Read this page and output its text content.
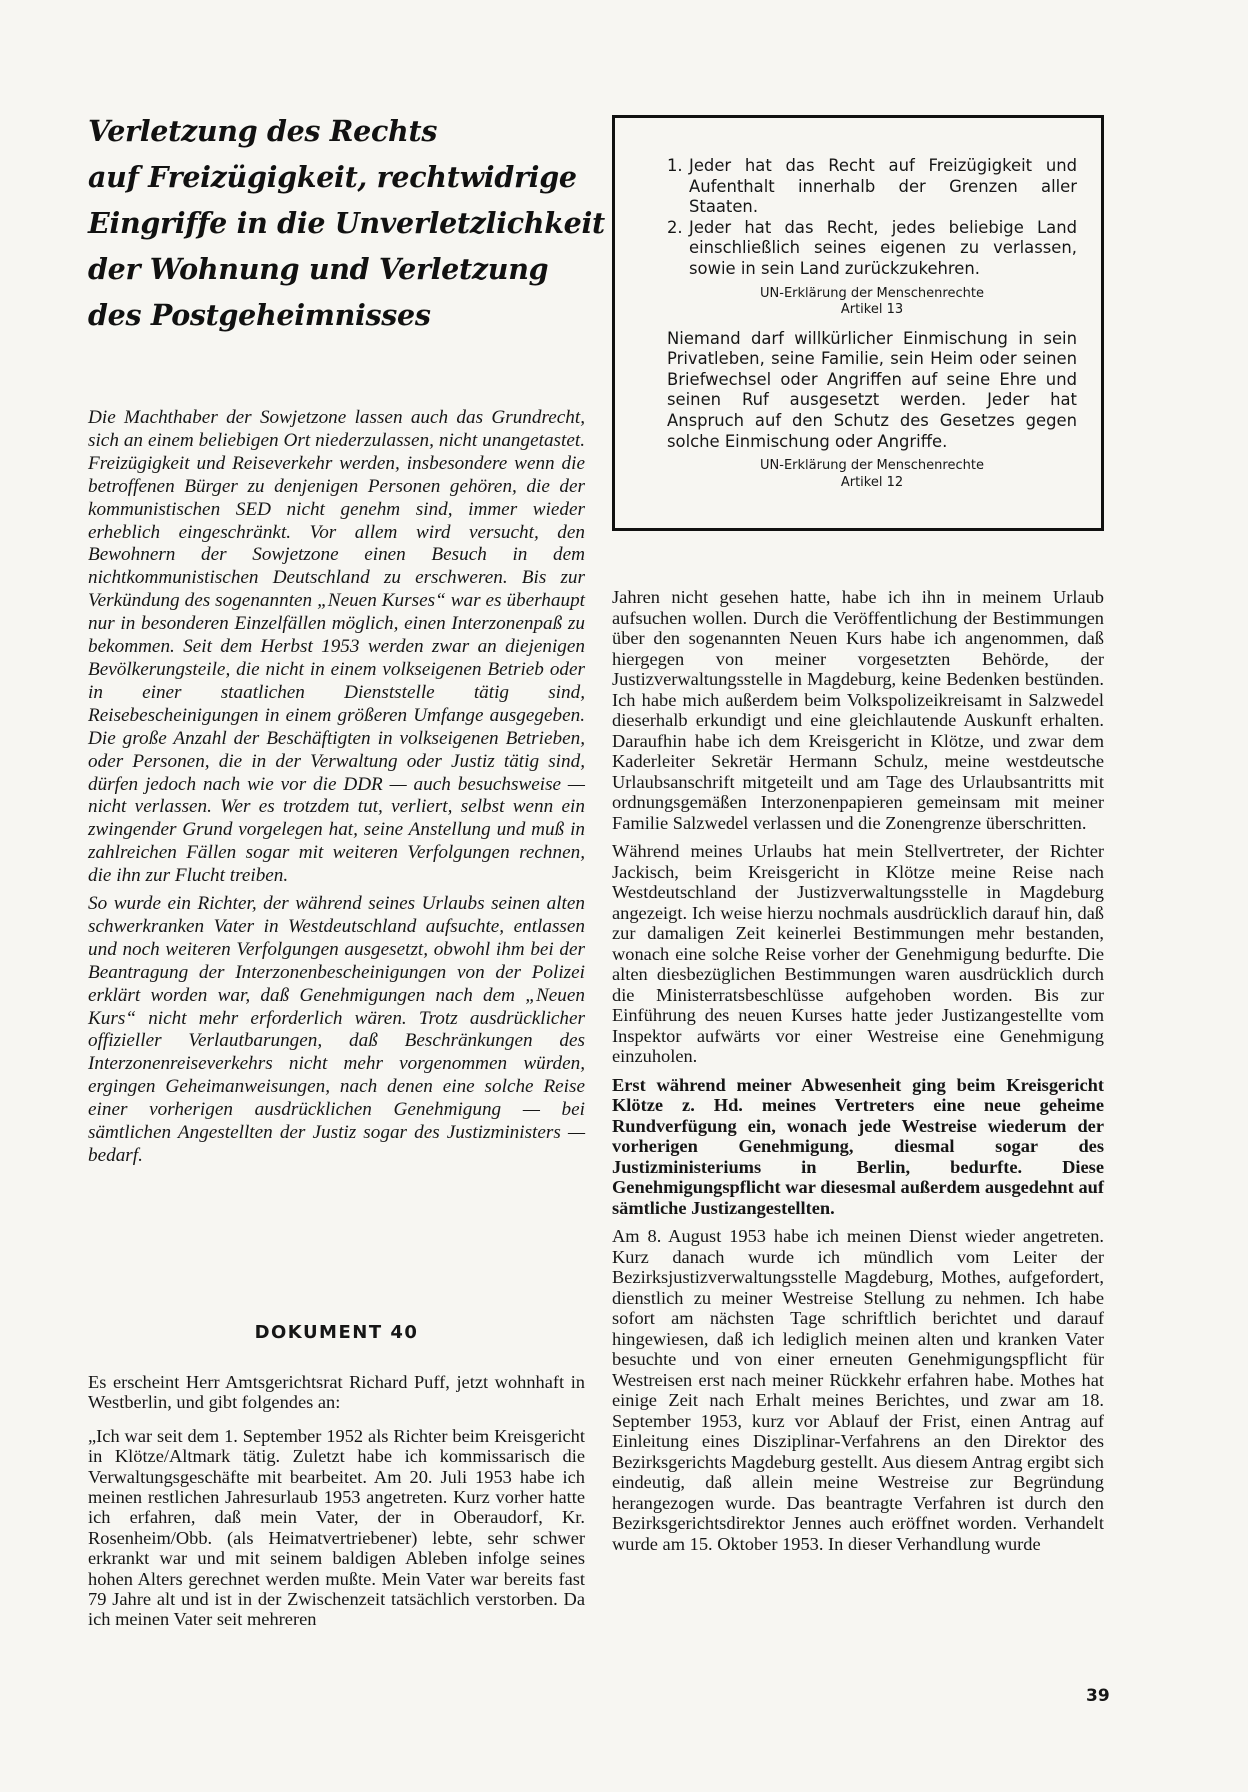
Verletzung des Rechts
auf Freizügigkeit, rechtwidrige
Eingriffe in die Unverletzlichkeit
der Wohnung und Verletzung
des Postgeheimnisses
1. Jeder hat das Recht auf Freizügigkeit und Aufenthalt innerhalb der Grenzen aller Staaten.
2. Jeder hat das Recht, jedes beliebige Land einschließlich seines eigenen zu verlassen, sowie in sein Land zurückzukehren.
UN-Erklärung der Menschenrechte
Artikel 13

Niemand darf willkürlicher Einmischung in sein Privatleben, seine Familie, sein Heim oder seinen Briefwechsel oder Angriffen auf seine Ehre und seinen Ruf ausgesetzt werden. Jeder hat Anspruch auf den Schutz des Gesetzes gegen solche Einmischung oder Angriffe.

UN-Erklärung der Menschenrechte
Artikel 12

Die Machthaber der Sowjetzone lassen auch das Grundrecht, sich an einem beliebigen Ort niederzulassen, nicht unangetastet. Freizügigkeit und Reiseverkehr werden, insbesondere wenn die betroffenen Bürger zu denjenigen Personen gehören, die der kommunistischen SED nicht genehm sind, immer wieder erheblich eingeschränkt. Vor allem wird versucht, den Bewohnern der Sowjetzone einen Besuch in dem nichtkommunistischen Deutschland zu erschweren. Bis zur Verkündung des sogenannten „Neuen Kurses“ war es überhaupt nur in besonderen Einzelfällen möglich, einen Interzonenpaß zu bekommen. Seit dem Herbst 1953 werden zwar an diejenigen Bevölkerungsteile, die nicht in einem volkseigenen Betrieb oder in einer staatlichen Dienststelle tätig sind, Reisebescheinigungen in einem größeren Umfange ausgegeben. Die große Anzahl der Beschäftigten in volkseigenen Betrieben, oder Personen, die in der Verwaltung oder Justiz tätig sind, dürfen jedoch nach wie vor die DDR — auch besuchsweise — nicht verlassen. Wer es trotzdem tut, verliert, selbst wenn ein zwingender Grund vorgelegen hat, seine Anstellung und muß in zahlreichen Fällen sogar mit weiteren Verfolgungen rechnen, die ihn zur Flucht treiben.

So wurde ein Richter, der während seines Urlaubs seinen alten schwerkranken Vater in Westdeutschland aufsuchte, entlassen und noch weiteren Verfolgungen ausgesetzt, obwohl ihm bei der Beantragung der Interzonenbescheinigungen von der Polizei erklärt worden war, daß Genehmigungen nach dem „Neuen Kurs“ nicht mehr erforderlich wären. Trotz ausdrücklicher offizieller Verlautbarungen, daß Beschränkungen des Interzonenreiseverkehrs nicht mehr vorgenommen würden, ergingen Geheimanweisungen, nach denen eine solche Reise einer vorherigen ausdrücklichen Genehmigung — bei sämtlichen Angestellten der Justiz sogar des Justizministers — bedarf.

DOKUMENT 40

Es erscheint Herr Amtsgerichtsrat Richard Puff, jetzt wohnhaft in Westberlin, und gibt folgendes an:

„Ich war seit dem 1. September 1952 als Richter beim Kreisgericht in Klötze/Altmark tätig. Zuletzt habe ich kommissarisch die Verwaltungsgeschäfte mit bearbeitet. Am 20. Juli 1953 habe ich meinen restlichen Jahresurlaub 1953 angetreten. Kurz vorher hatte ich erfahren, daß mein Vater, der in Oberaudorf, Kr. Rosenheim/Obb. (als Heimatvertriebener) lebte, sehr schwer erkrankt war und mit seinem baldigen Ableben infolge seines hohen Alters gerechnet werden mußte. Mein Vater war bereits fast 79 Jahre alt und ist in der Zwischenzeit tatsächlich verstorben. Da ich meinen Vater seit mehreren

Jahren nicht gesehen hatte, habe ich ihn in meinem Urlaub aufsuchen wollen. Durch die Veröffentlichung der Bestimmungen über den sogenannten Neuen Kurs habe ich angenommen, daß hiergegen von meiner vorgesetzten Behörde, der Justizverwaltungsstelle in Magdeburg, keine Bedenken bestünden. Ich habe mich außerdem beim Volkspolizeikreisamt in Salzwedel dieserhalb erkundigt und eine gleichlautende Auskunft erhalten. Daraufhin habe ich dem Kreisgericht in Klötze, und zwar dem Kaderleiter Sekretär Hermann Schulz, meine westdeutsche Urlaubsanschrift mitgeteilt und am Tage des Urlaubsantritts mit ordnungsgemäßen Interzonenpapieren gemeinsam mit meiner Familie Salzwedel verlassen und die Zonengrenze überschritten.

Während meines Urlaubs hat mein Stellvertreter, der Richter Jackisch, beim Kreisgericht in Klötze meine Reise nach Westdeutschland der Justizverwaltungsstelle in Magdeburg angezeigt. Ich weise hierzu nochmals ausdrücklich darauf hin, daß zur damaligen Zeit keinerlei Bestimmungen mehr bestanden, wonach eine solche Reise vorher der Genehmigung bedurfte. Die alten diesbezüglichen Bestimmungen waren ausdrücklich durch die Ministerratsbeschlüsse aufgehoben worden. Bis zur Einführung des neuen Kurses hatte jeder Justizangestellte vom Inspektor aufwärts vor einer Westreise eine Genehmigung einzuholen.

Erst während meiner Abwesenheit ging beim Kreisgericht Klötze z. Hd. meines Vertreters eine neue geheime Rundverfügung ein, wonach jede Westreise wiederum der vorherigen Genehmigung, diesmal sogar des Justizministeriums in Berlin, bedurfte. Diese Genehmigungspflicht war diesesmal außerdem ausgedehnt auf sämtliche Justizangestellten.

Am 8. August 1953 habe ich meinen Dienst wieder angetreten. Kurz danach wurde ich mündlich vom Leiter der Bezirksjustizverwaltungsstelle Magdeburg, Mothes, aufgefordert, dienstlich zu meiner Westreise Stellung zu nehmen. Ich habe sofort am nächsten Tage schriftlich berichtet und darauf hingewiesen, daß ich lediglich meinen alten und kranken Vater besuchte und von einer erneuten Genehmigungspflicht für Westreisen erst nach meiner Rückkehr erfahren habe. Mothes hat einige Zeit nach Erhalt meines Berichtes, und zwar am 18. September 1953, kurz vor Ablauf der Frist, einen Antrag auf Einleitung eines Disziplinar-Verfahrens an den Direktor des Bezirksgerichts Magdeburg gestellt. Aus diesem Antrag ergibt sich eindeutig, daß allein meine Westreise zur Begründung herangezogen wurde. Das beantragte Verfahren ist durch den Bezirksgerichtsdirektor Jennes auch eröffnet worden. Verhandelt wurde am 15. Oktober 1953. In dieser Verhandlung wurde

39
